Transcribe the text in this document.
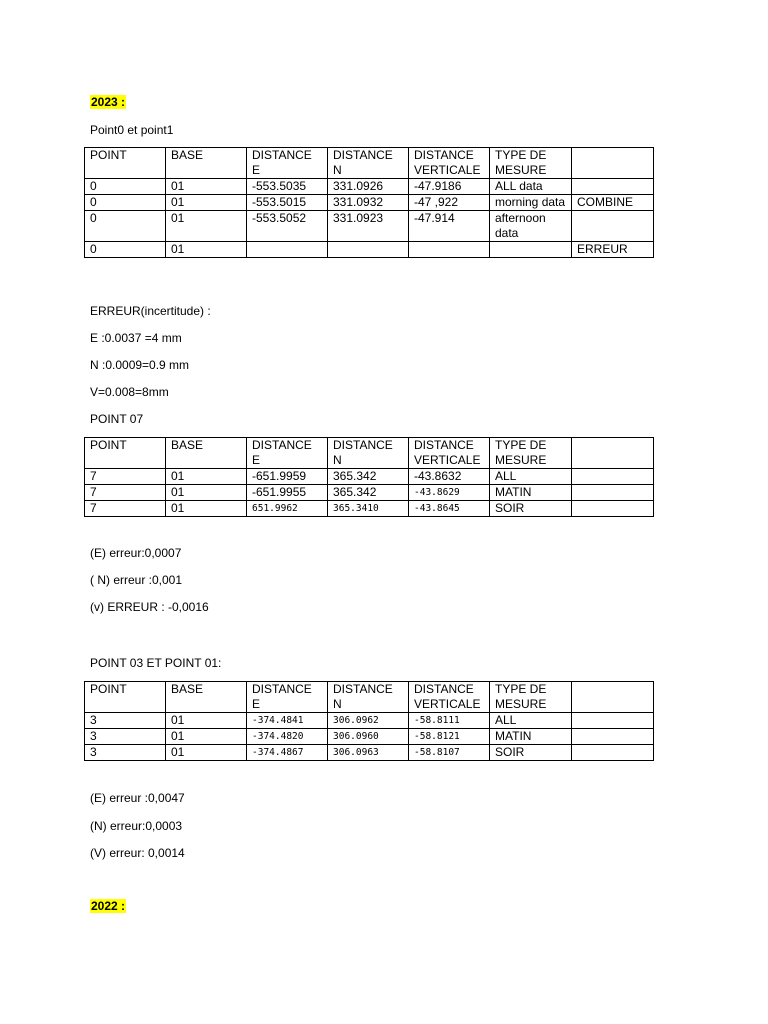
2023 :
Point0 et point1
POINT	BASE	DISTANCE E	DISTANCE N	DISTANCE VERTICALE	TYPE DE MESURE	
0	01	-553.5035	331.0926	-47.9186	ALL data	
0	01	-553.5015	331.0932	-47 ,922	morning data	COMBINE
0	01	-553.5052	331.0923	-47.914	afternoon data	
0	01					ERREUR
ERREUR(incertitude) :
E :0.0037 =4 mm
N :0.0009=0.9 mm
V=0.008=8mm
POINT 07
POINT	BASE	DISTANCE E	DISTANCE N	DISTANCE VERTICALE	TYPE DE MESURE	
7	01	-651.9959	365.342	-43.8632	ALL	
7	01	-651.9955	365.342	-43.8629	MATIN	
7	01	651.9962	365.3410	-43.8645	SOIR	
(E) erreur:0,0007
( N) erreur :0,001
(v) ERREUR : -0,0016
POINT 03 ET POINT 01:
POINT	BASE	DISTANCE E	DISTANCE N	DISTANCE VERTICALE	TYPE DE MESURE	
3	01	-374.4841	306.0962	-58.8111	ALL	
3	01	-374.4820	306.0960	-58.8121	MATIN	
3	01	-374.4867	306.0963	-58.8107	SOIR	
(E) erreur :0,0047
(N) erreur:0,0003
(V) erreur: 0,0014
2022 :
